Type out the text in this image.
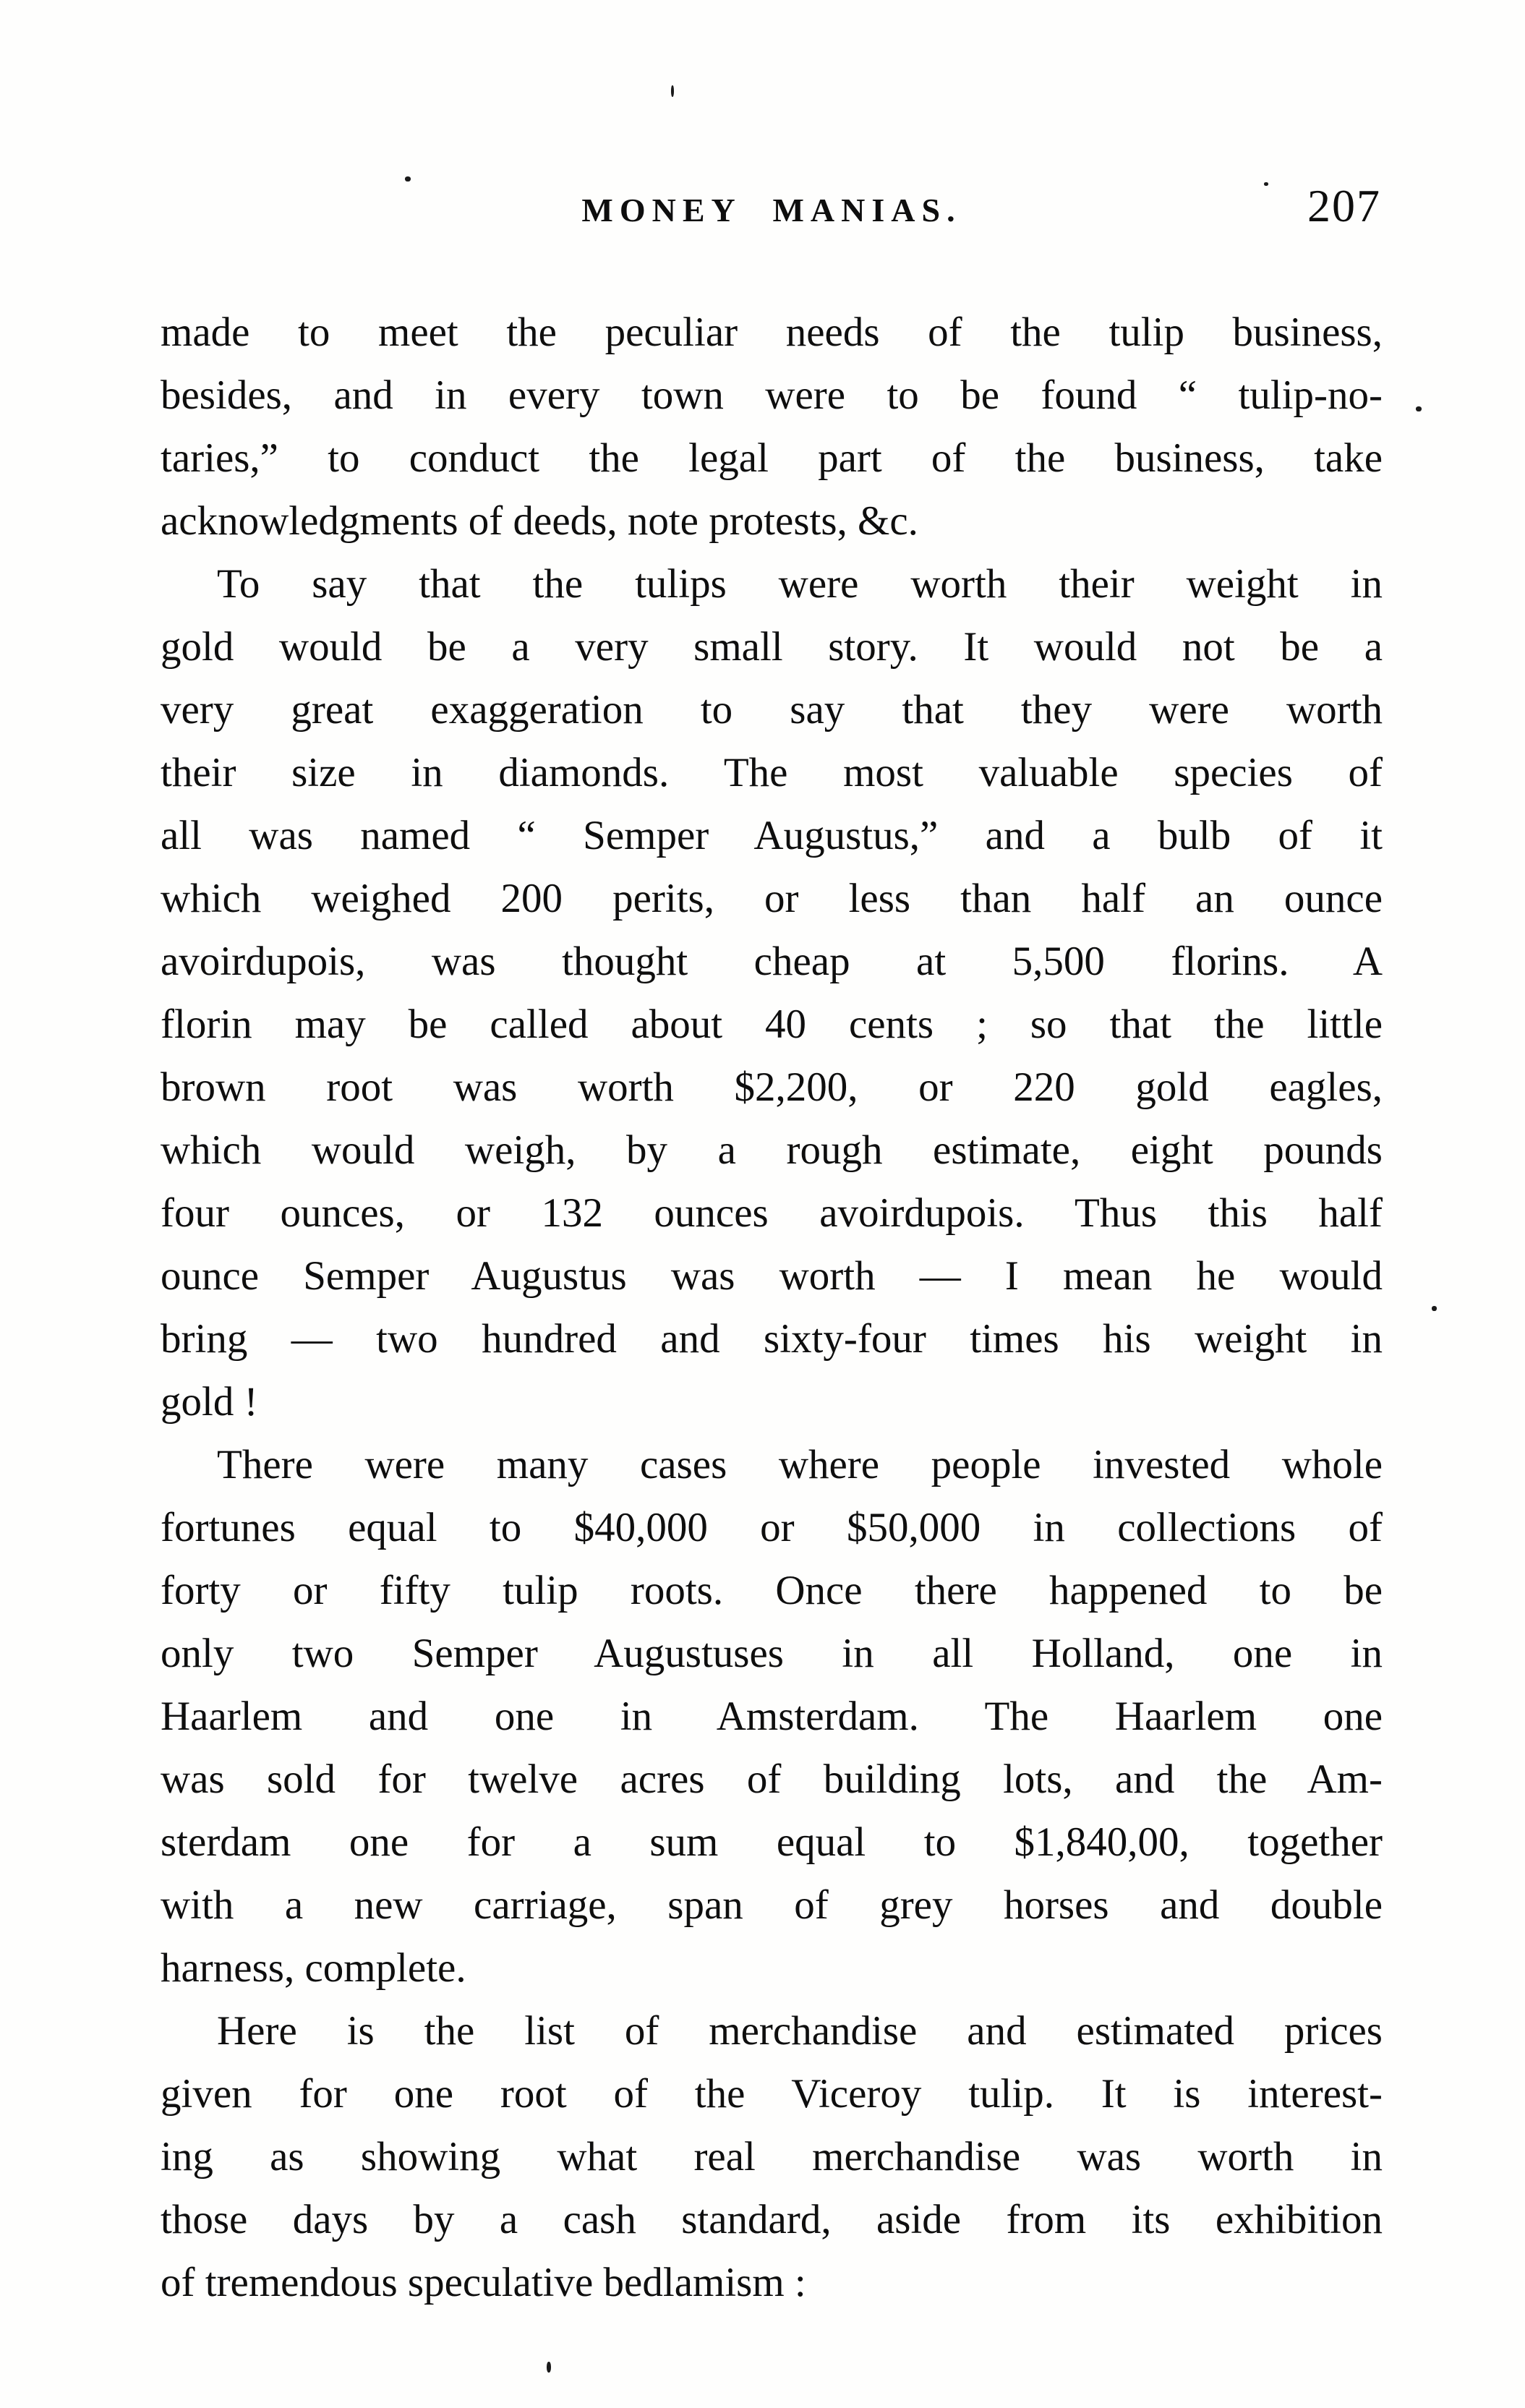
MONEY MANIAS.	207
made to meet the peculiar needs of the tulip business,
besides, and in every town were to be found “ tulip-no-
taries,” to conduct the legal part of the business, take
acknowledgments of deeds, note protests, &c.
To say that the tulips were worth their weight in
gold would be a very small story. It would not be a
very great exaggeration to say that they were worth
their size in diamonds. The most valuable species of
all was named “ Semper Augustus,” and a bulb of it
which weighed 200 perits, or less than half an ounce
avoirdupois, was thought cheap at 5,500 florins. A
florin may be called about 40 cents ; so that the little
brown root was worth $2,200, or 220 gold eagles,
which would weigh, by a rough estimate, eight pounds
four ounces, or 132 ounces avoirdupois. Thus this half
ounce Semper Augustus was worth — I mean he would
bring — two hundred and sixty-four times his weight in
gold !
There were many cases where people invested whole
fortunes equal to $40,000 or $50,000 in collections of
forty or fifty tulip roots. Once there happened to be
only two Semper Augustuses in all Holland, one in
Haarlem and one in Amsterdam. The Haarlem one
was sold for twelve acres of building lots, and the Am-
sterdam one for a sum equal to $1,840,00, together
with a new carriage, span of grey horses and double
harness, complete.
Here is the list of merchandise and estimated prices
given for one root of the Viceroy tulip. It is interest-
ing as showing what real merchandise was worth in
those days by a cash standard, aside from its exhibition
of tremendous speculative bedlamism :
